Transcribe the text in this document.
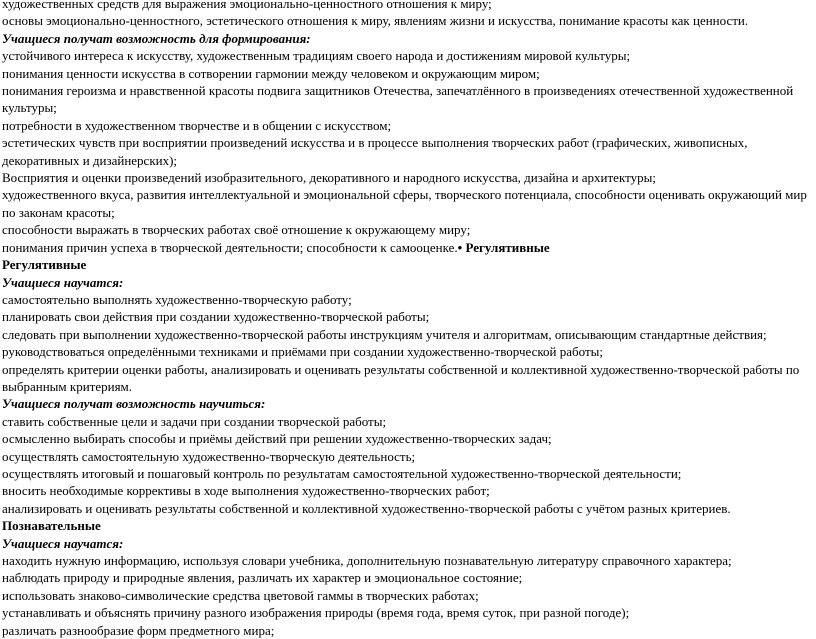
художественных средств для выражения эмоционально-ценностного отношения к миру;
основы эмоционально-ценностного, эстетического отношения к миру, явлениям жизни и искусства, понимание красоты как ценности.
Учащиеся получат возможность для формирования:
устойчивого интереса к искусству, художественным традициям своего народа и достижениям мировой культуры;
понимания ценности искусства в сотворении гармонии между человеком и окружающим миром;
понимания героизма и нравственной красоты подвига защитников Отечества, запечатлённого в произведениях отечественной художественной культуры;
потребности в художественном творчестве и в общении с искусством;
эстетических чувств при восприятии произведений искусства и в процессе выполнения творческих работ (графических, живописных, декоративных и дизайнерских);
Восприятия и оценки произведений изобразительного, декоративного и народного искусства, дизайна и архитектуры;
художественного вкуса, развития интеллектуальной и эмоциональной сферы, творческого потенциала, способности оценивать окружающий мир по законам красоты;
способности выражать в творческих работах своё отношение к окружающему миру;
понимания причин успеха в творческой деятельности; способности к самооценке.• Регулятивные
Регулятивные
Учащиеся научатся:
самостоятельно выполнять художественно-творческую работу;
планировать свои действия при создании художественно-творческой работы;
следовать при выполнении художественно-творческой работы инструкциям учителя и алгоритмам, описывающим стандартные действия;
руководствоваться определёнными техниками и приёмами при создании художественно-творческой работы;
определять критерии оценки работы, анализировать и оценивать результаты собственной и коллективной художественно-творческой работы по выбранным критериям.
Учащиеся получат возможность научиться:
ставить собственные цели и задачи при создании творческой работы;
осмысленно выбирать способы и приёмы действий при решении художественно-творческих задач;
осуществлять самостоятельную художественно-творческую деятельность;
осуществлять итоговый и пошаговый контроль по результатам самостоятельной художественно-творческой деятельности;
вносить необходимые коррективы в ходе выполнения художественно-творческих работ;
анализировать и оценивать результаты собственной и коллективной художественно-творческой работы с учётом разных критериев.
Познавательные
Учащиеся научатся:
находить нужную информацию, используя словари учебника, дополнительную познавательную литературу справочного характера;
наблюдать природу и природные явления, различать их характер и эмоциональное состояние;
использовать знаково-символические средства цветовой гаммы в творческих работах;
устанавливать и объяснять причину разного изображения природы (время года, время суток, при разной погоде);
различать разнообразие форм предметного мира;
